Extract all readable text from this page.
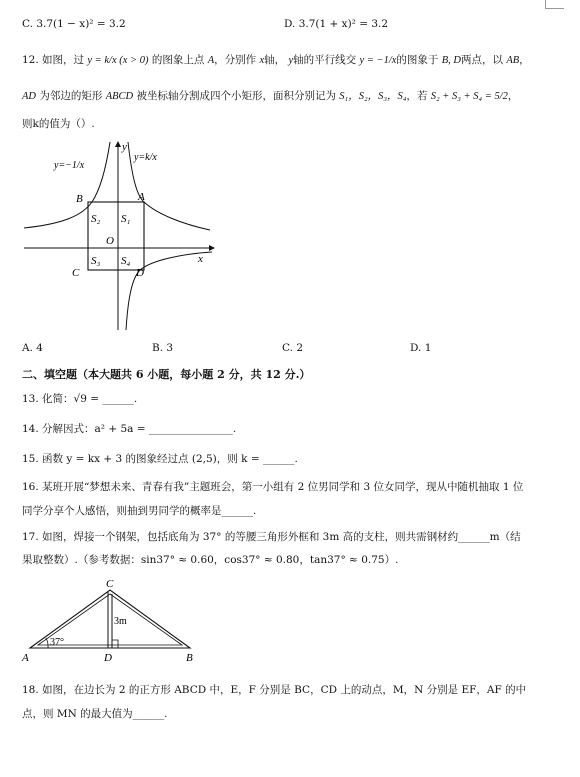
C. 3.7(1 − x)² = 3.2	D. 3.7(1 + x)² = 3.2
12. 如图，过 y = k/x (x > 0) 的图象上点 A，分别作 x轴， y轴的平行线交 y = −1/x的图象于 B, D两点，以 AB，
AD 为邻边的矩形 ABCD 被坐标轴分割成四个小矩形，面积分别记为 S₁，S₂，S₃，S₄，若 S₂ + S₃ + S₄ = 5/2，
则k的值为（）.
y=−1/x
y=k/x
y
x
B	A
C	D
O
S₁
S₂
S₃ S₄
A. 4	B. 3	C. 2	D. 1
二、填空题（本大题共 6 小题，每小题 2 分，共 12 分.）
13. 化简：√9 = ______.
14. 分解因式：a² + 5a = ________________.
15. 函数 y = kx + 3 的图象经过点 (2,5)，则 k = ______.
16. 某班开展“梦想未来、青春有我”主题班会，第一小组有 2 位男同学和 3 位女同学，现从中随机抽取 1 位
同学分享个人感悟，则抽到男同学的概率是______.
17. 如图，焊接一个钢架，包括底角为 37° 的等腰三角形外框和 3m 高的支柱，则共需钢材约______m（结
果取整数）.（参考数据：sin37° ≈ 0.60，cos37° ≈ 0.80，tan37° ≈ 0.75）.
C
A	D	B
37°
3m
18. 如图，在边长为 2 的正方形 ABCD 中，E，F 分别是 BC，CD 上的动点，M，N 分别是 EF，AF 的中
点，则 MN 的最大值为______.
